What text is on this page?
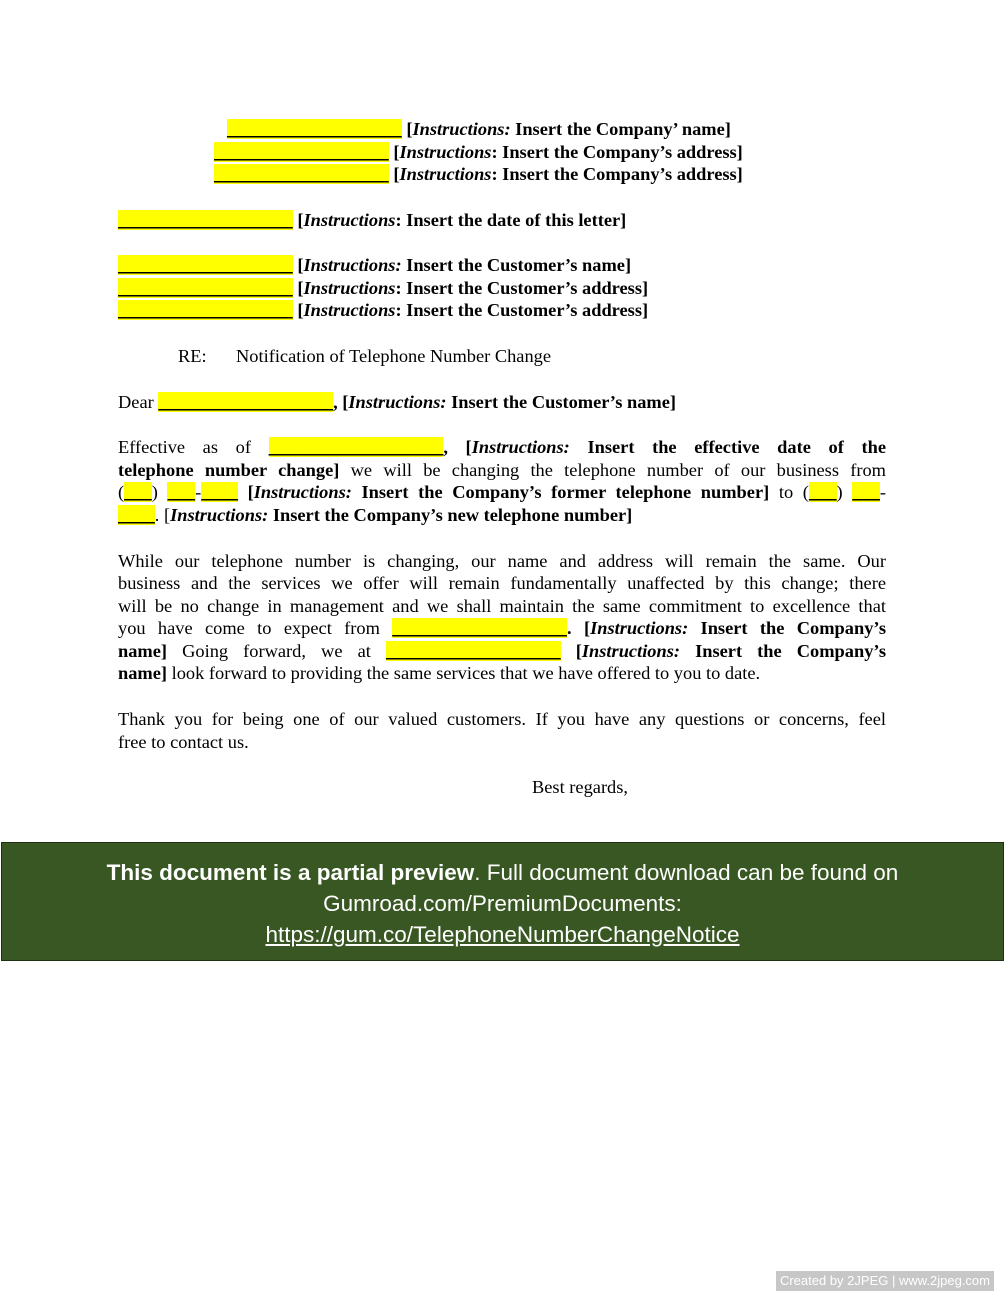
___________________ [Instructions: Insert the Company’ name]
___________________ [Instructions: Insert the Company’s address]
___________________ [Instructions: Insert the Company’s address]
___________________ [Instructions: Insert the date of this letter]
___________________ [Instructions: Insert the Customer’s name]
___________________ [Instructions: Insert the Customer’s address]
___________________ [Instructions: Insert the Customer’s address]
RE: Notification of Telephone Number Change
Dear ___________________, [Instructions: Insert the Customer’s name]
Effective as of ___________________, [Instructions: Insert the effective date of the
telephone number change] we will be changing the telephone number of our business from
(___) ___-____ [Instructions: Insert the Company’s former telephone number] to (___) ___-
____. [Instructions: Insert the Company’s new telephone number]
While our telephone number is changing, our name and address will remain the same. Our
business and the services we offer will remain fundamentally unaffected by this change; there
will be no change in management and we shall maintain the same commitment to excellence that
you have come to expect from ___________________. [Instructions: Insert the Company’s
name] Going forward, we at ___________________ [Instructions: Insert the Company’s
name] look forward to providing the same services that we have offered to you to date.
Thank you for being one of our valued customers. If you have any questions or concerns, feel
free to contact us.
Best regards,
This document is a partial preview. Full document download can be found on
Gumroad.com/PremiumDocuments:
https://gum.co/TelephoneNumberChangeNotice
Created by 2JPEG | www.2jpeg.com
